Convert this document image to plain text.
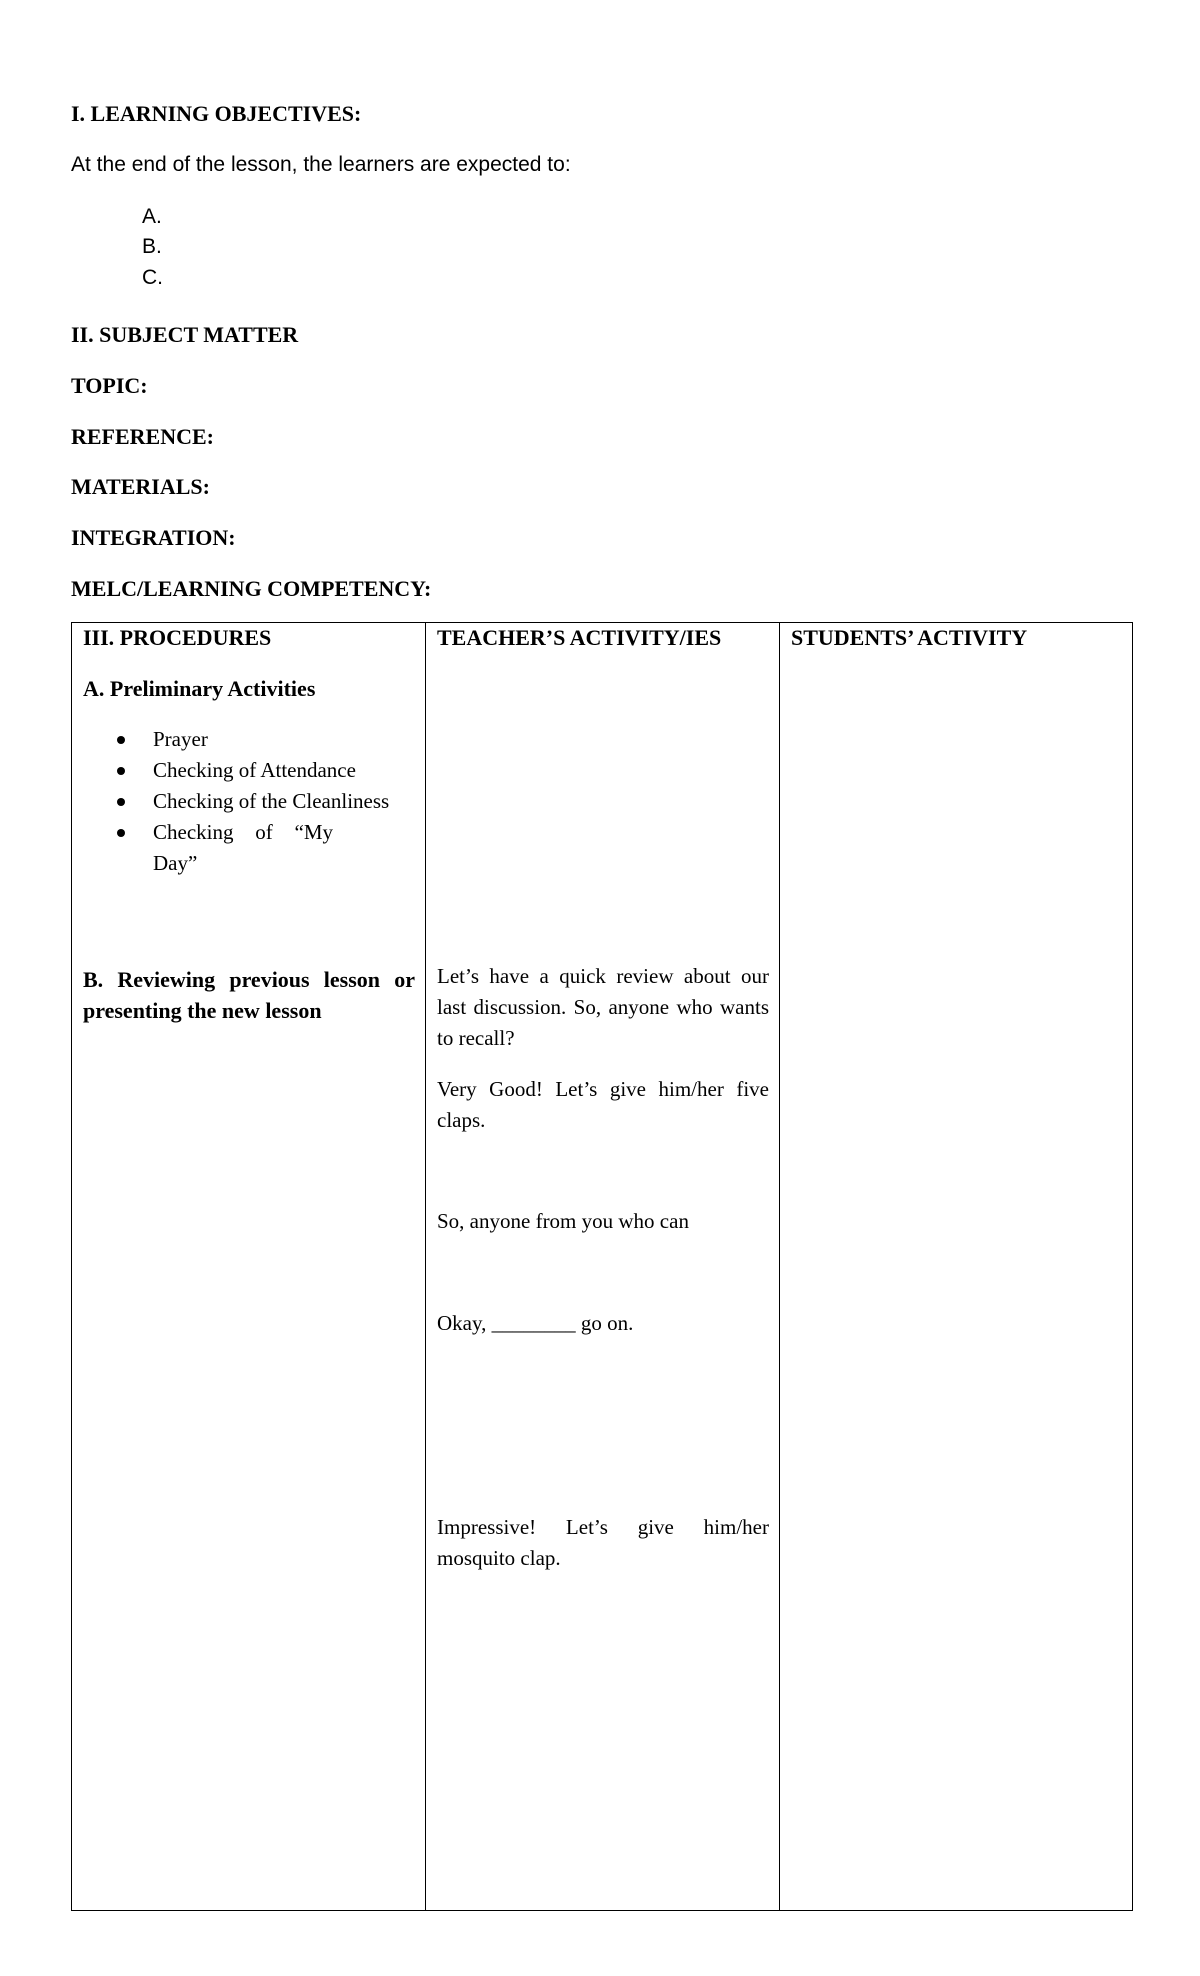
I. LEARNING OBJECTIVES:
At the end of the lesson, the learners are expected to:
A.
B.
C.
II. SUBJECT MATTER
TOPIC:
REFERENCE:
MATERIALS:
INTEGRATION:
MELC/LEARNING COMPETENCY:
III. PROCEDURES	TEACHER’S ACTIVITY/IES	STUDENTS’ ACTIVITY
A. Preliminary Activities
Prayer
Checking of Attendance
Checking of the Cleanliness
Checking of “My Day”
B. Reviewing previous lesson or presenting the new lesson
Let’s have a quick review about our last discussion. So, anyone who wants to recall?
Very Good! Let’s give him/her five claps.
So, anyone from you who can
Okay, ________ go on.
Impressive! Let’s give him/her mosquito clap.
